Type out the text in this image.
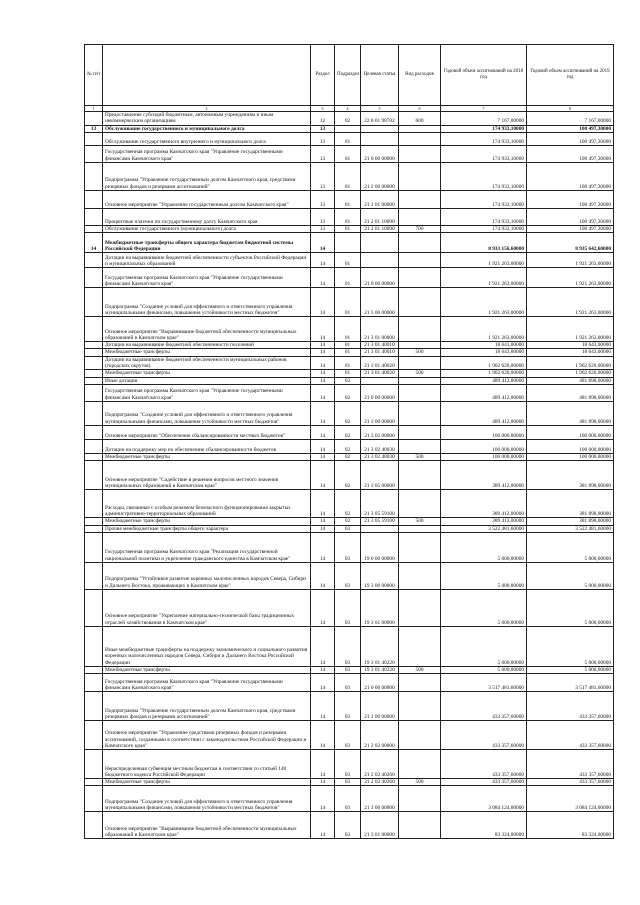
№ п/п		Раздел	Подраздел	Целевая статья	Вид расходов	Годовой объем ассигнований на 2018 год	Годовой объем ассигнований на 2019 год
1	2	3	4	5	6	7	8
	Предоставление субсидий бюджетным, автономным учреждениям и иным некоммерческим организациям	12	02	22 0 01 98702	600	7 167,00000	7 167,00000
13	Обслуживание государственного и муниципального долга	13				174 933,10000	100 497,30000
	Обслуживание государственного внутреннего и муниципального долга	13	01			174 933,10000	100 497,30000
	Государственная программа Камчатского края "Управление государственными финансами Камчатского края"	13	01	21 0 00 00000		174 933,10000	100 497,30000
	Подпрограмма "Управление государственным долгом Камчатского края, средствами резервных фондов и резервами ассигнований"	13	01	21 2 00 00000		174 933,10000	100 497,30000
	Основное мероприятие "Управление государственным долгом Камчатского края"	13	01	21 2 01 00000		174 933,10000	100 497,30000
	Процентные платежи по государственному долгу Камчатского края	13	01	21 2 01 10090		174 933,10000	100 497,30000
	Обслуживание государственного (муниципального) долга	13	01	21 2 01 10090	700	174 933,10000	100 497,30000
14	Межбюджетные трансферты общего характера бюджетам бюджетной системы Российской Федерации	14				8 933 156,60000	8 935 642,60000
	Дотации на выравнивание бюджетной обеспеченности субъектов Российской Федерации и муниципальных образований	14	01			1 921 263,00000	1 921 263,00000
	Государственная программа Камчатского края "Управление государственными финансами Камчатского края"	14	01	21 0 00 00000		1 921 263,00000	1 921 263,00000
	Подпрограмма "Создание условий для эффективного и ответственного управления муниципальными финансами, повышения устойчивости местных бюджетов"	14	01	21 3 00 00000		1 921 263,00000	1 921 263,00000
	Основное мероприятие "Выравнивание бюджетной обеспеченности муниципальных образований в Камчатском крае"	14	01	21 3 01 00000		1 921 263,00000	1 921 263,00000
	Дотации на выравнивание бюджетной обеспеченности поселений	14	01	21 3 01 40010		18 643,00000	18 643,00000
	Межбюджетные трансферты	14	01	21 3 01 40010	500	18 643,00000	18 643,00000
	Дотации на выравнивание бюджетной обеспеченности муниципальных районов (городских округов)	14	01	21 3 01 40020		1 902 620,00000	1 902 620,00000
	Межбюджетные трансферты	14	01	21 3 01 40020	500	1 902 620,00000	1 902 620,00000
	Иные дотации	14	02			489 412,00000	481 898,00000
	Государственная программа Камчатского края "Управление государственными финансами Камчатского края"	14	02	21 0 00 00000		489 412,00000	481 898,00000
	Подпрограмма "Создание условий для эффективного и ответственного управления муниципальными финансами, повышения устойчивости местных бюджетов"	14	02	21 3 00 00000		489 412,00000	481 898,00000
	Основное мероприятие "Обеспечение сбалансированности местных бюджетов"	14	02	21 3 02 00000		100 000,00000	100 000,00000
	Дотации на поддержку мер по обеспечению сбалансированности бюджетов	14	02	21 3 02 40030		100 000,00000	100 000,00000
	Межбюджетные трансферты	14	02	21 3 02 40030	500	100 000,00000	100 000,00000
	Основное мероприятие "Содействие в решении вопросов местного значения муниципальных образований в Камчатском крае"	14	02	21 3 05 00000		389 412,00000	381 898,00000
	Расходы, связанные с особым режимом безопасного функционирования закрытых административно-территориальных образований	14	02	21 3 05 59100		389 412,00000	381 898,00000
	Межбюджетные трансферты	14	02	21 3 05 59100	500	389 412,00000	381 898,00000
	Прочие межбюджетные трансферты общего характера	14	03			3 522 481,60000	3 522 481,60000
	Государственная программа Камчатского края "Реализация государственной национальной политики и укрепление гражданского единства в Камчатском крае"	14	03	19 0 00 00000		5 000,00000	5 000,00000
	Подпрограмма "Устойчивое развитие коренных малочисленных народов Севера, Сибири и Дальнего Востока, проживающих в Камчатском крае"	14	03	19 3 00 00000		5 000,00000	5 000,00000
	Основное мероприятие "Укрепление материально-технической базы традиционных отраслей хозяйствования в Камчатском крае"	14	03	19 3 01 00000		5 000,00000	5 000,00000
	Иные межбюджетные трансферты на поддержку экономического и социального развития коренных малочисленных народов Севера, Сибири и Дальнего Востока Российской Федерации	14	03	19 3 01 40220		5 000,00000	5 000,00000
	Межбюджетные трансферты	14	03	19 3 01 40220	500	5 000,00000	5 000,00000
	Государственная программа Камчатского края "Управление государственными финансами Камчатского края"	14	03	21 0 00 00000		3 517 481,60000	3 517 481,60000
	Подпрограмма "Управление государственным долгом Камчатского края, средствами резервных фондов и резервами ассигнований"	14	03	21 2 00 00000		433 357,60000	433 357,60000
	Основное мероприятие "Управление средствами резервных фондов и резервами ассигнований, созданными в соответствии с законодательством Российской Федерации и Камчатского края"	14	03	21 2 02 00000		433 357,60000	433 357,60000
	Нераспределенная субвенция местным бюджетам в соответствии со статьей 140 Бюджетного кодекса Российской Федерации	14	03	21 2 02 40260		433 357,60000	433 357,60000
	Межбюджетные трансферты	14	03	21 2 02 40260	500	433 357,60000	433 357,60000
	Подпрограмма "Создание условий для эффективного и ответственного управления муниципальными финансами, повышения устойчивости местных бюджетов"	14	03	21 3 00 00000		3 084 124,00000	3 084 124,00000
	Основное мероприятие "Выравнивание бюджетной обеспеченности муниципальных образований в Камчатском крае"	14	03	21 3 01 00000		83 324,00000	83 324,00000
